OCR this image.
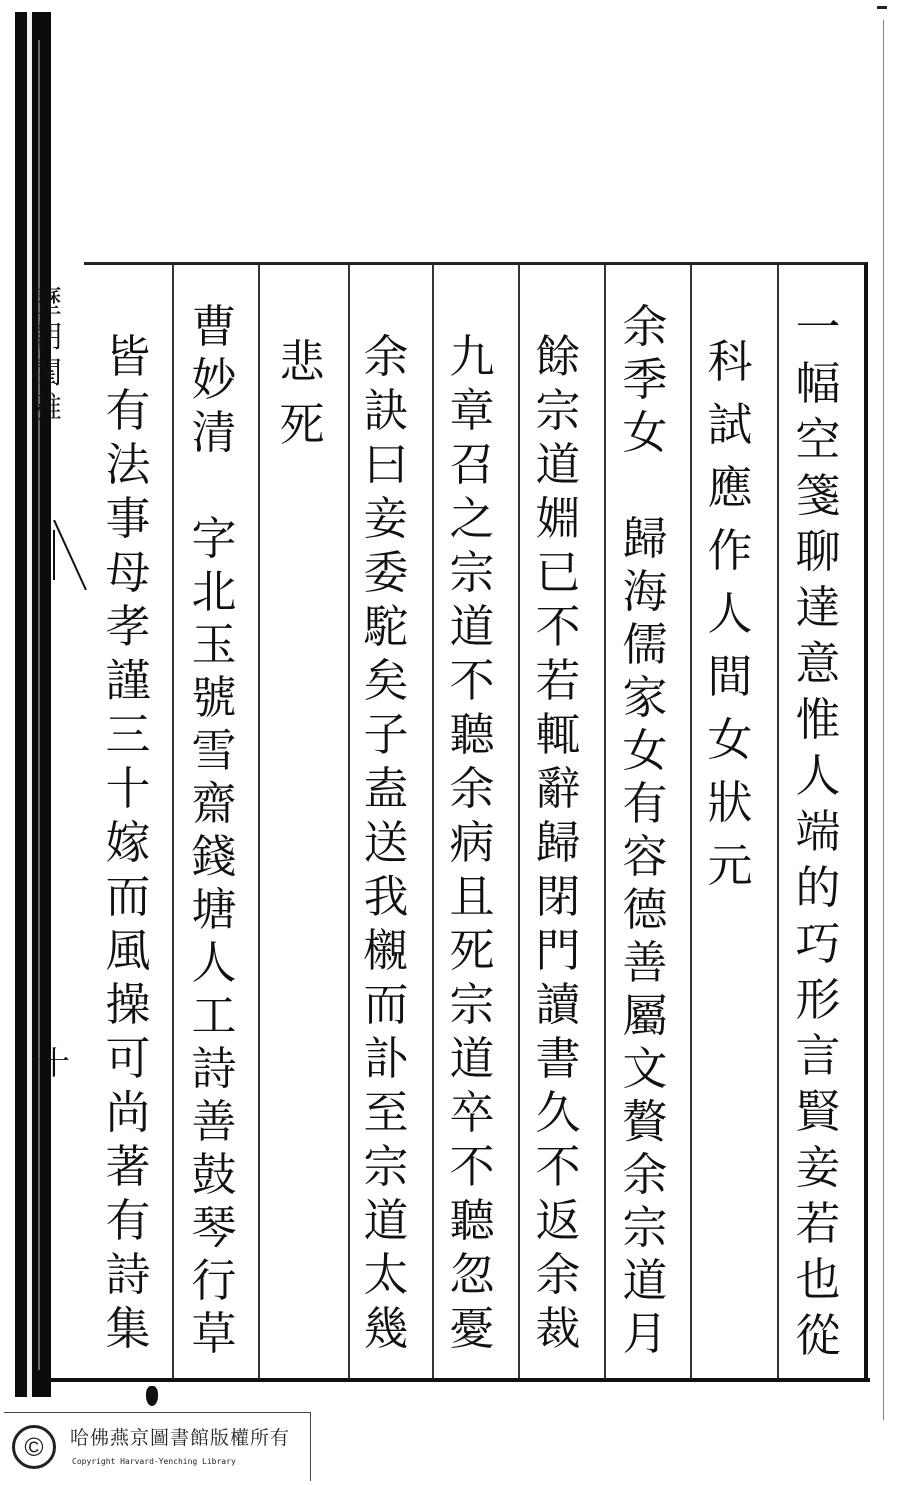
歷朝閨雅
十
一
幅
空
箋
聊
達
意
惟
人
端
的
巧
形
言
賢
妾
若
也
從
科
試
應
作
人
間
女
狀
元
余
季
女
歸
海
儒
家
女
有
容
德
善
屬
文
贅
余
宗
道
月
餘
宗
道
婣
已
不
若
輒
辭
歸
閉
門
讀
書
久
不
返
余
裁
九
章
召
之
宗
道
不
聽
余
病
且
死
宗
道
卒
不
聽
忽
憂
余
訣
曰
妾
委
駝
矣
子
盍
送
我
櫬
而
訃
至
宗
道
太
幾
悲
死
曹
妙
清
字
北
玉
號
雪
齋
錢
塘
人
工
詩
善
鼓
琴
行
草
皆
有
法
事
母
孝
謹
三
十
嫁
而
風
操
可
尚
著
有
詩
集
©	哈佛燕京圖書館版權所有
Copyright Harvard-Yenching Library
